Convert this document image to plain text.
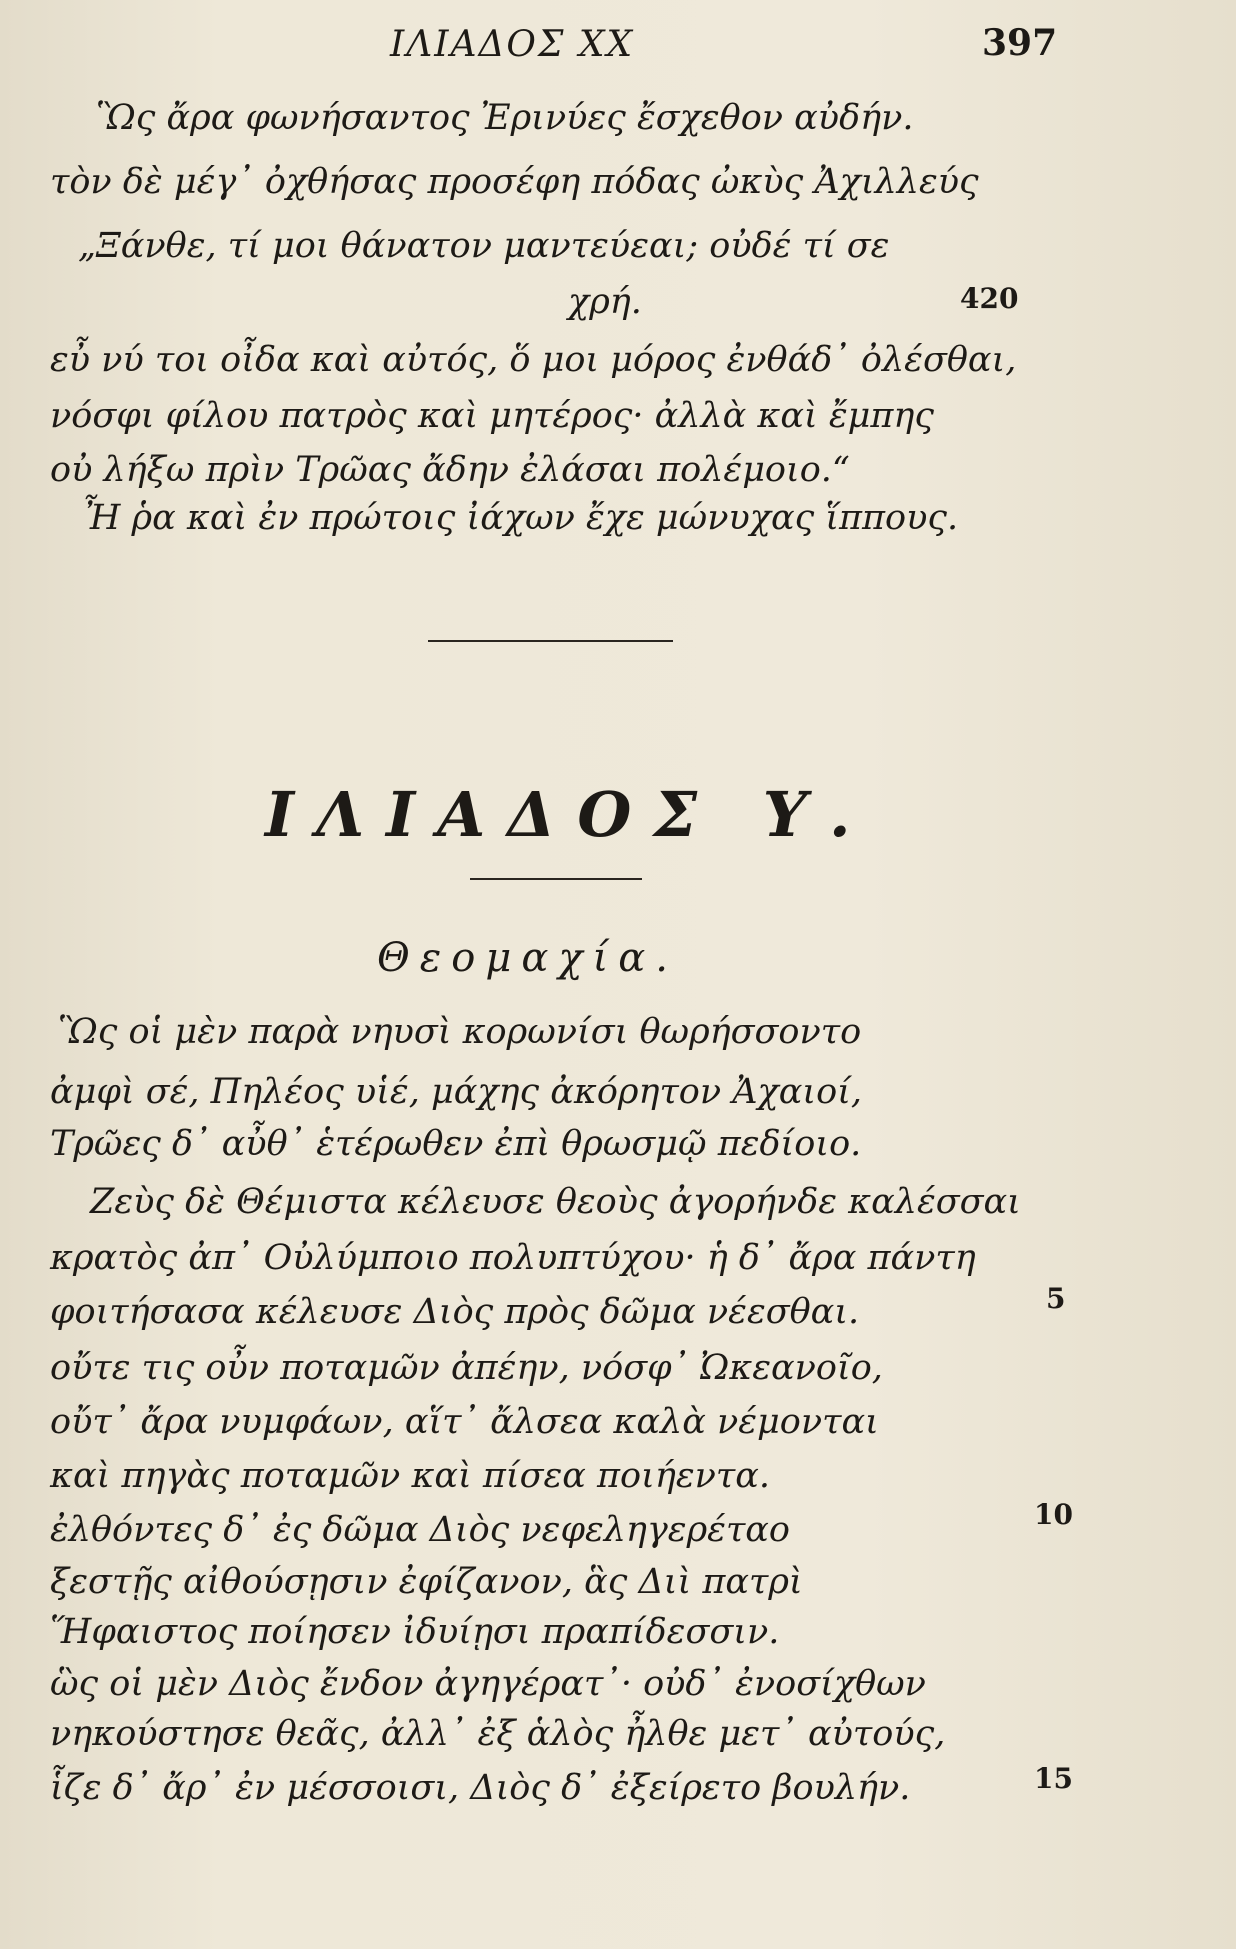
ΙΛΙΑΔΟΣ XX	397
Ὣς ἄρα φωνήσαντος Ἐρινύες ἔσχεθον αὐδήν.
τὸν δὲ μέγ᾽ ὀχθήσας προσέφη πόδας ὠκὺς Ἀχιλλεύς
„Ξάνθε, τί μοι θάνατον μαντεύεαι; οὐδέ τί σε
χρή.	420
εὖ νύ τοι οἶδα καὶ αὐτός, ὅ μοι μόρος ἐνθάδ᾽ ὀλέσθαι,
νόσφι φίλου πατρὸς καὶ μητέρος· ἀλλὰ καὶ ἔμπης
οὐ λήξω πρὶν Τρῶας ἄδην ἐλάσαι πολέμοιο.“
Ἦ ῥα καὶ ἐν πρώτοις ἰάχων ἔχε μώνυχας ἵππους.
ΙΛΙΑΔΟΣ Υ.
Θεομαχία.
Ὣς οἱ μὲν παρὰ νηυσὶ κορωνίσι θωρήσσοντο
ἀμφὶ σέ, Πηλέος υἱέ, μάχης ἀκόρητον Ἀχαιοί,
Τρῶες δ᾽ αὖθ᾽ ἑτέρωθεν ἐπὶ θρωσμῷ πεδίοιο.
Ζεὺς δὲ Θέμιστα κέλευσε θεοὺς ἀγορήνδε καλέσσαι
κρατὸς ἀπ᾽ Οὐλύμποιο πολυπτύχου· ἡ δ᾽ ἄρα πάντη
φοιτήσασα κέλευσε Διὸς πρὸς δῶμα νέεσθαι.	5
οὔτε τις οὖν ποταμῶν ἀπέην, νόσφ᾽ Ὠκεανοῖο,
οὔτ᾽ ἄρα νυμφάων, αἵτ᾽ ἄλσεα καλὰ νέμονται
καὶ πηγὰς ποταμῶν καὶ πίσεα ποιήεντα.
ἐλθόντες δ᾽ ἐς δῶμα Διὸς νεφεληγερέταο	10
ξεστῇς αἰθούσῃσιν ἐφίζανον, ἃς Διὶ πατρὶ
Ἥφαιστος ποίησεν ἰδυίῃσι πραπίδεσσιν.
ὣς οἱ μὲν Διὸς ἔνδον ἀγηγέρατ᾽· οὐδ᾽ ἐνοσίχθων
νηκούστησε θεᾶς, ἀλλ᾽ ἐξ ἁλὸς ἦλθε μετ᾽ αὐτούς,
ἷζε δ᾽ ἄρ᾽ ἐν μέσσοισι, Διὸς δ᾽ ἐξείρετο βουλήν.	15
